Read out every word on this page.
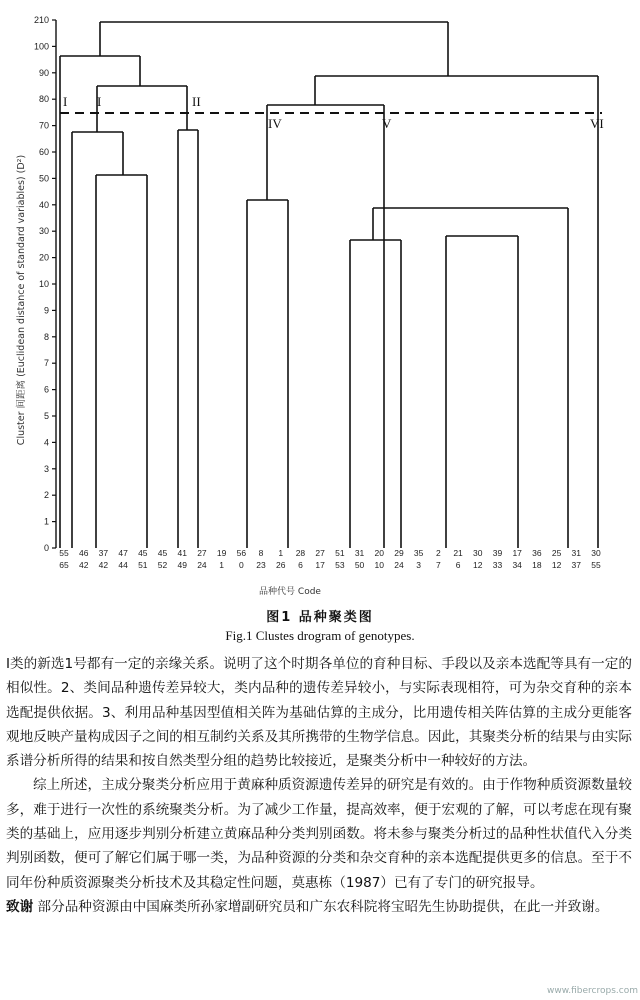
0
1
2
3
4
5
6
7
8
9
10
20
30
40
50
60
70
80
90
100
210
I I	II
IV	V	VI
55 46 37 47 45 45 41 27 19 56 8 1 28 27 51 31 20 29 35 2 21 30 39 17 36 25 31 30
65 42 42 44 51 52 49 24 1 0 23 26 6 17 53 50 10 24 3 7 6 12 33 34 18 12 37 55
Cluster 间距离 (Euclidean distance of standard variables) (D²)
品种代号 Code
图1 品种聚类图
Fig.1 Clustes drogram of genotypes.

Ⅰ类的新选1号都有一定的亲缘关系。说明了这个时期各单位的育种目标、手段以及亲本选配等具有一定的相似性。2、类间品种遗传差异较大，类内品种的遗传差异较小，与实际表现相符，可为杂交育种的亲本选配提供依据。3、利用品种基因型值相关阵为基础估算的主成分，比用遗传相关阵估算的主成分更能客观地反映产量构成因子之间的相互制约关系及其所携带的生物学信息。因此，其聚类分析的结果与由实际系谱分析所得的结果和按自然类型分组的趋势比较接近，是聚类分析中一种较好的方法。

综上所述，主成分聚类分析应用于黄麻种质资源遗传差异的研究是有效的。由于作物种质资源数量较多，难于进行一次性的系统聚类分析。为了减少工作量，提高效率，便于宏观的了解，可以考虑在现有聚类的基础上，应用逐步判别分析建立黄麻品种分类判别函数。将未参与聚类分析过的品种性状值代入分类判别函数，便可了解它们属于哪一类，为品种资源的分类和杂交育种的亲本选配提供更多的信息。至于不同年份种质资源聚类分析技术及其稳定性问题，莫惠栋（1987）已有了专门的研究报导。

致谢 部分品种资源由中国麻类所孙家增副研究员和广东农科院将宝昭先生协助提供，在此一并致谢。

www.fibercrops.com
